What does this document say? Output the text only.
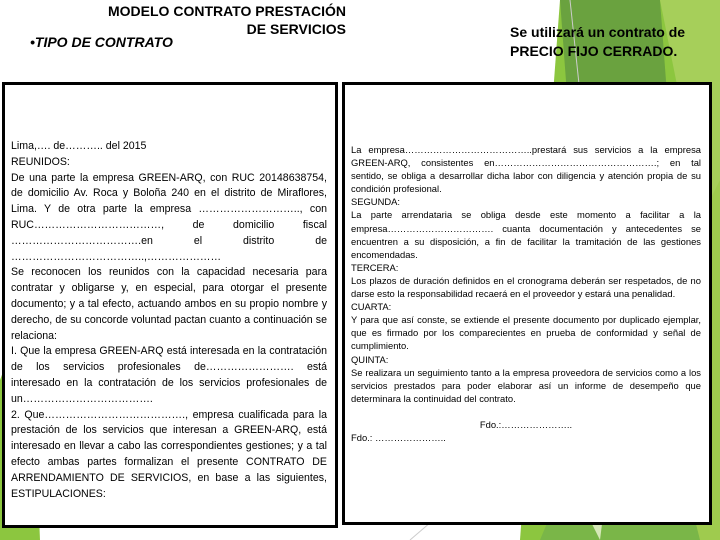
MODELO CONTRATO PRESTACIÓN DE SERVICIOS
•TIPO DE CONTRATO
Se utilizará un contrato de PRECIO FIJO CERRADO.

Lima,…. de……….. del 2015

REUNIDOS:

De una parte la empresa GREEN-ARQ, con RUC 20148638754, de domicilio Av. Roca y Boloña 240 en el distrito de Miraflores, Lima. Y de otra parte la empresa ……………………….., con RUC………………………………, de domicilio fiscal ……………………………….en el distrito de ………………………………..,…………………

Se reconocen los reunidos con la capacidad necesaria para contratar y obligarse y, en especial, para otorgar el presente documento; y a tal efecto, actuando ambos en su propio nombre y derecho, de su concorde voluntad pactan cuanto a continuación se relaciona:

I. Que la empresa GREEN-ARQ está interesada en la contratación de los servicios profesionales de……………………. está interesado en la contratación de los servicios profesionales de un……………………………….

2. Que…………………………………., empresa cualificada para la prestación de los servicios que interesan a GREEN-ARQ, está interesado en llevar a cabo las correspondientes gestiones; y a tal efecto ambas partes formalizan el presente CONTRATO DE ARRENDAMIENTO DE SERVICIOS, en base a las siguientes, ESTIPULACIONES:

La empresa…………………………………..prestará sus servicios a la empresa GREEN-ARQ, consistentes en…………………………………………….; en tal sentido, se obliga a desarrollar dicha labor con diligencia y atención propia de su condición profesional.

SEGUNDA:

La parte arrendataria se obliga desde este momento a facilitar a la empresa……………………………. cuanta documentación y antecedentes se encuentren a su disposición, a fin de facilitar la tramitación de las gestiones encomendadas.

TERCERA:

Los plazos de duración definidos en el cronograma deberán ser respetados, de no darse esto la responsabilidad recaerá en el proveedor y estará una penalidad.

CUARTA:

Y para que así conste, se extiende el presente documento por duplicado ejemplar, que es firmado por los comparecientes en prueba de conformidad y señal de cumplimiento.

QUINTA:

Se realizara un seguimiento tanto a la empresa proveedora de servicios como a los servicios prestados para poder elaborar así un informe de desempeño que determinara la continuidad del contrato.

Fdo.:…………………..

Fdo.: …………………..
